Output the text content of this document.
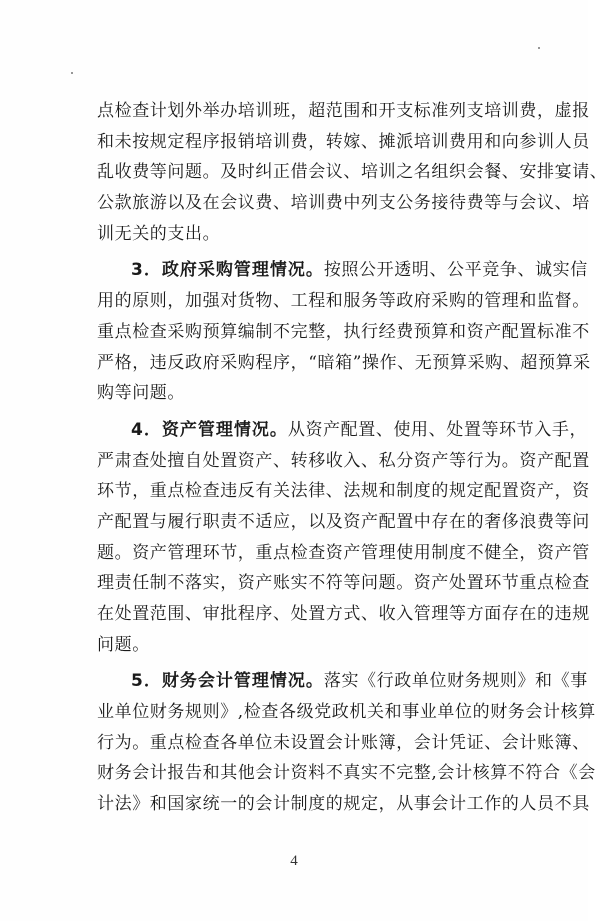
点检查计划外举办培训班，超范围和开支标准列支培训费，虚报
和未按规定程序报销培训费，转嫁、摊派培训费用和向参训人员
乱收费等问题。及时纠正借会议、培训之名组织会餐、安排宴请、
公款旅游以及在会议费、培训费中列支公务接待费等与会议、培
训无关的支出。
3．政府采购管理情况。按照公开透明、公平竞争、诚实信
用的原则，加强对货物、工程和服务等政府采购的管理和监督。
重点检查采购预算编制不完整，执行经费预算和资产配置标准不
严格，违反政府采购程序，“暗箱”操作、无预算采购、超预算采
购等问题。
4．资产管理情况。从资产配置、使用、处置等环节入手，
严肃查处擅自处置资产、转移收入、私分资产等行为。资产配置
环节，重点检查违反有关法律、法规和制度的规定配置资产，资
产配置与履行职责不适应，以及资产配置中存在的奢侈浪费等问
题。资产管理环节，重点检查资产管理使用制度不健全，资产管
理责任制不落实，资产账实不符等问题。资产处置环节重点检查
在处置范围、审批程序、处置方式、收入管理等方面存在的违规
问题。
5．财务会计管理情况。落实《行政单位财务规则》和《事
业单位财务规则》,检查各级党政机关和事业单位的财务会计核算
行为。重点检查各单位未设置会计账簿，会计凭证、会计账簿、
财务会计报告和其他会计资料不真实不完整,会计核算不符合《会
计法》和国家统一的会计制度的规定，从事会计工作的人员不具
4
